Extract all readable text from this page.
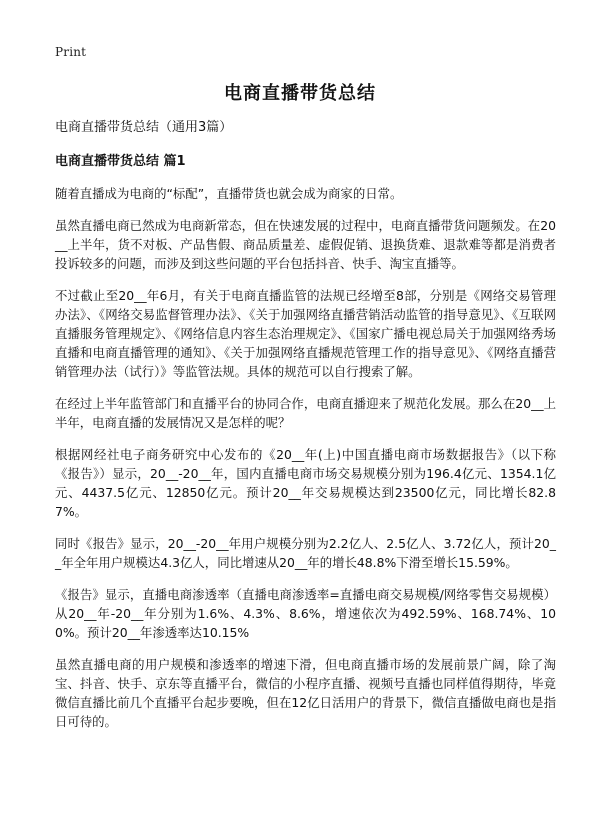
Print
电商直播带货总结

电商直播带货总结（通用3篇）

电商直播带货总结 篇1

随着直播成为电商的“标配”，直播带货也就会成为商家的日常。

虽然直播电商已然成为电商新常态，但在快速发展的过程中，电商直播带货问题频发。在20__上半年，货不对板、产品售假、商品质量差、虚假促销、退换货难、退款难等都是消费者投诉较多的问题，而涉及到这些问题的平台包括抖音、快手、淘宝直播等。

不过截止至20__年6月，有关于电商直播监管的法规已经增至8部，分别是《网络交易管理办法》、《网络交易监督管理办法》、《关于加强网络直播营销活动监管的指导意见》、《互联网直播服务管理规定》、《网络信息内容生态治理规定》、《国家广播电视总局关于加强网络秀场直播和电商直播管理的通知》、《关于加强网络直播规范管理工作的指导意见》、《网络直播营销管理办法（试行）》等监管法规。具体的规范可以自行搜索了解。

在经过上半年监管部门和直播平台的协同合作，电商直播迎来了规范化发展。那么在20__上半年，电商直播的发展情况又是怎样的呢？

根据网经社电子商务研究中心发布的《20__年(上)中国直播电商市场数据报告》（以下称《报告》）显示，20__-20__年，国内直播电商市场交易规模分别为196.4亿元、1354.1亿元、4437.5亿元、12850亿元。预计20__年交易规模达到23500亿元，同比增长82.87%。

同时《报告》显示，20__-20__年用户规模分别为2.2亿人、2.5亿人、3.72亿人，预计20__年全年用户规模达4.3亿人，同比增速从20__年的增长48.8%下滑至增长15.59%。

《报告》显示，直播电商渗透率（直播电商渗透率=直播电商交易规模/网络零售交易规模）从20__年-20__年分别为1.6%、4.3%、8.6%，增速依次为492.59%、168.74%、100%。预计20__年渗透率达10.15%

虽然直播电商的用户规模和渗透率的增速下滑，但电商直播市场的发展前景广阔，除了淘宝、抖音、快手、京东等直播平台，微信的小程序直播、视频号直播也同样值得期待，毕竟微信直播比前几个直播平台起步要晚，但在12亿日活用户的背景下，微信直播做电商也是指日可待的。
